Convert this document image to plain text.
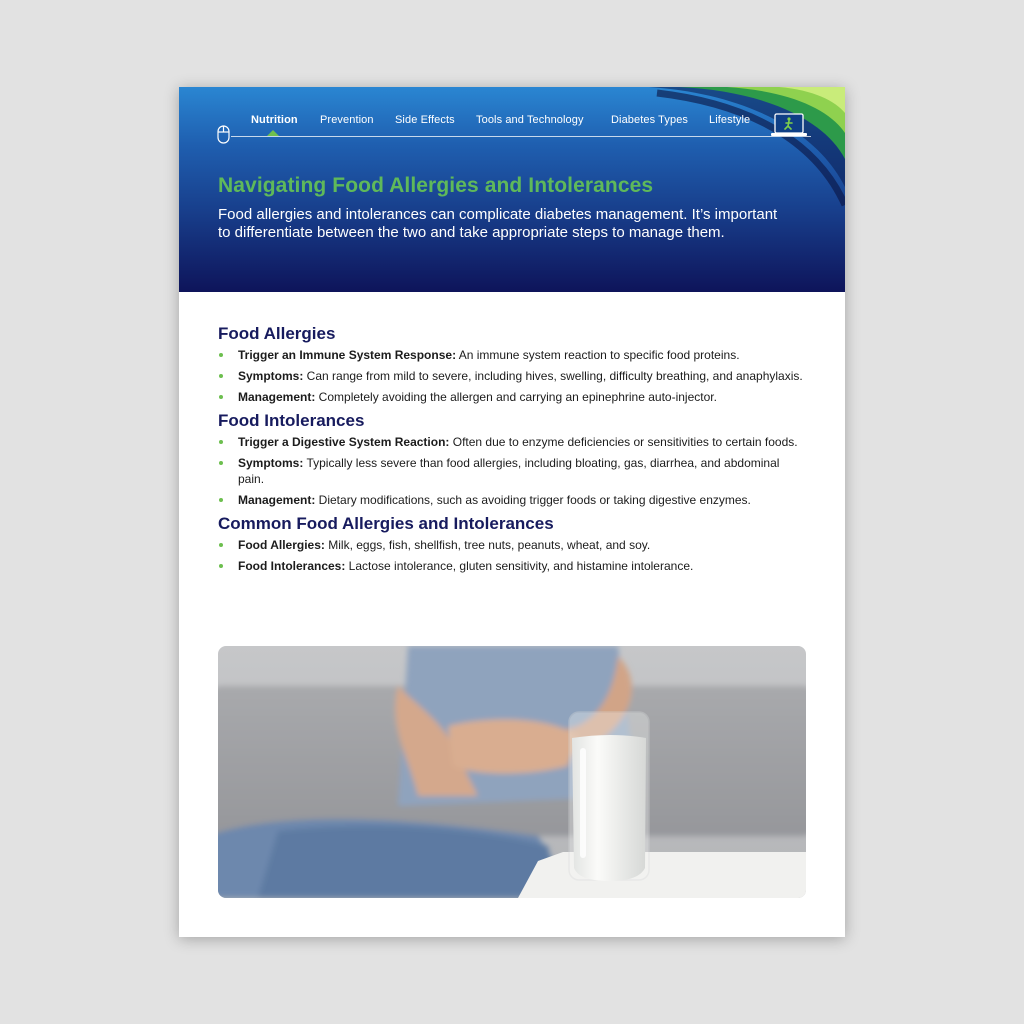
Nutrition Prevention Side Effects Tools and Technology Diabetes Types Lifestyle
Navigating Food Allergies and Intolerances

Food allergies and intolerances can complicate diabetes management. It’s important to differentiate between the two and take appropriate steps to manage them.

Food Allergies
Trigger an Immune System Response: An immune system reaction to specific food proteins.
Symptoms: Can range from mild to severe, including hives, swelling, difficulty breathing, and anaphylaxis.
Management: Completely avoiding the allergen and carrying an epinephrine auto-injector.
Food Intolerances
Trigger a Digestive System Reaction: Often due to enzyme deficiencies or sensitivities to certain foods.
Symptoms: Typically less severe than food allergies, including bloating, gas, diarrhea, and abdominal pain.
Management: Dietary modifications, such as avoiding trigger foods or taking digestive enzymes.
Common Food Allergies and Intolerances
Food Allergies: Milk, eggs, fish, shellfish, tree nuts, peanuts, wheat, and soy.
Food Intolerances: Lactose intolerance, gluten sensitivity, and histamine intolerance.
